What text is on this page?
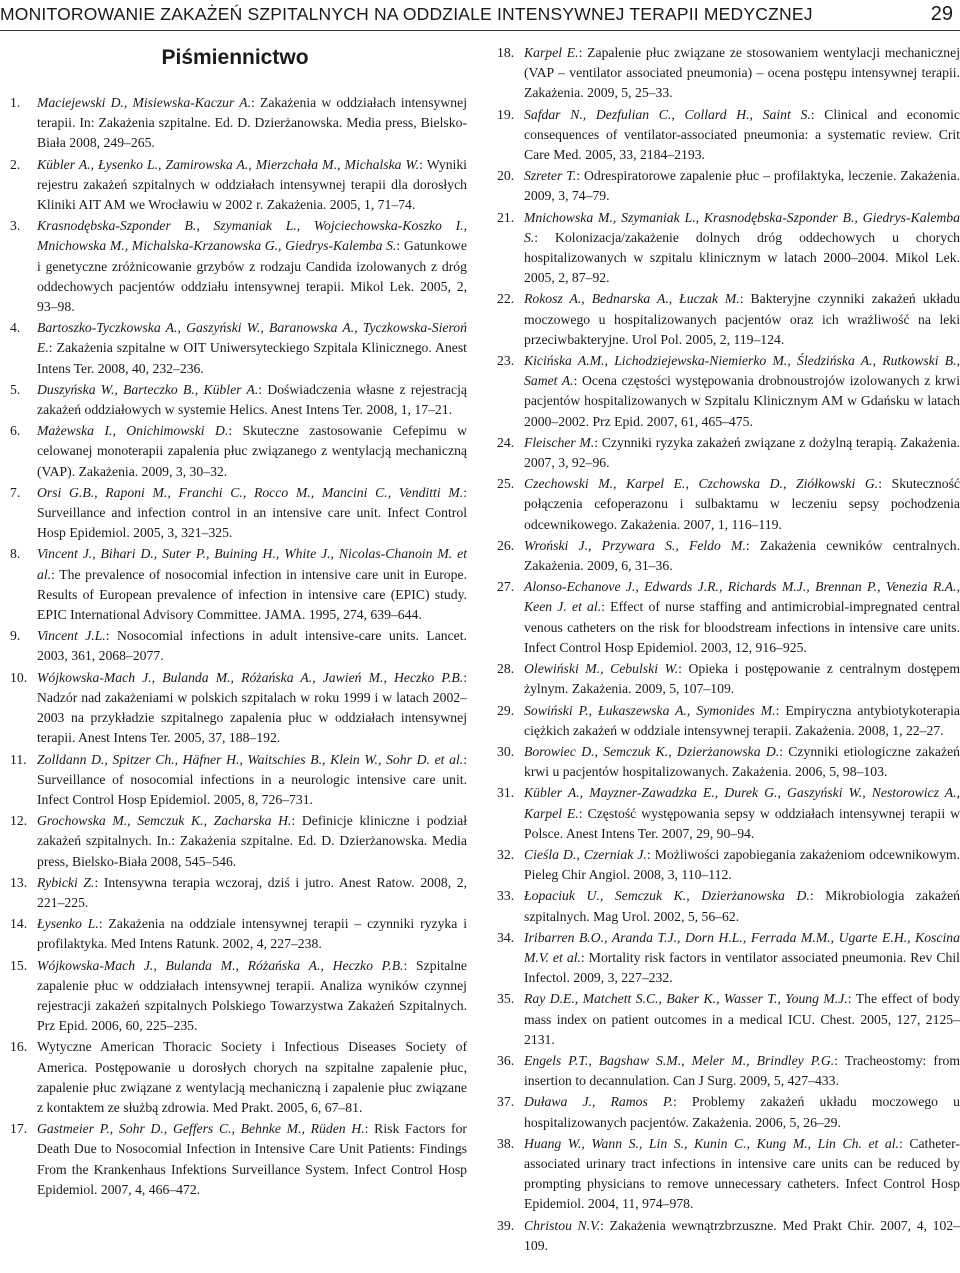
MONITOROWANIE ZAKAŻEŃ SZPITALNYCH NA ODDZIALE INTENSYWNEJ TERAPII MEDYCZNEJ	29
Piśmiennictwo
1. Maciejewski D., Misiewska-Kaczur A.: Zakażenia w oddziałach intensywnej terapii. In: Zakażenia szpitalne. Ed. D. Dzierżanowska. Media press, Bielsko-Biała 2008, 249–265.
2. Kübler A., Łysenko L., Zamirowska A., Mierzchała M., Michalska W.: Wyniki rejestru zakażeń szpitalnych w oddziałach intensywnej terapii dla dorosłych Kliniki AIT AM we Wrocławiu w 2002 r. Zakażenia. 2005, 1, 71–74.
3. Krasnodębska-Szponder B., Szymaniak L., Wojciechowska-Koszko I., Mnichowska M., Michalska-Krzanowska G., Giedrys-Kalemba S.: Gatunkowe i genetyczne zróżnicowanie grzybów z rodzaju Candida izolowanych z dróg oddechowych pacjentów oddziału intensywnej terapii. Mikol Lek. 2005, 2, 93–98.
4. Bartoszko-Tyczkowska A., Gaszyński W., Baranowska A., Tyczkowska-Sieroń E.: Zakażenia szpitalne w OIT Uniwersyteckiego Szpitala Klinicznego. Anest Intens Ter. 2008, 40, 232–236.
5. Duszyńska W., Barteczko B., Kübler A.: Doświadczenia własne z rejestracją zakażeń oddziałowych w systemie Helics. Anest Intens Ter. 2008, 1, 17–21.
6. Mażewska I., Onichimowski D.: Skuteczne zastosowanie Cefepimu w celowanej monoterapii zapalenia płuc związanego z wentylacją mechaniczną (VAP). Zakażenia. 2009, 3, 30–32.
7. Orsi G.B., Raponi M., Franchi C., Rocco M., Mancini C., Venditti M.: Surveillance and infection control in an intensive care unit. Infect Control Hosp Epidemiol. 2005, 3, 321–325.
8. Vincent J., Bihari D., Suter P., Buining H., White J., Nicolas-Chanoin M. et al.: The prevalence of nosocomial infection in intensive care unit in Europe. Results of European prevalence of infection in intensive care (EPIC) study. EPIC International Advisory Committee. JAMA. 1995, 274, 639–644.
9. Vincent J.L.: Nosocomial infections in adult intensive-care units. Lancet. 2003, 361, 2068–2077.
10. Wójkowska-Mach J., Bulanda M., Różańska A., Jawień M., Heczko P.B.: Nadzór nad zakażeniami w polskich szpitalach w roku 1999 i w latach 2002–2003 na przykładzie szpitalnego zapalenia płuc w oddziałach intensywnej terapii. Anest Intens Ter. 2005, 37, 188–192.
11. Zolldann D., Spitzer Ch., Häfner H., Waitschies B., Klein W., Sohr D. et al.: Surveillance of nosocomial infections in a neurologic intensive care unit. Infect Control Hosp Epidemiol. 2005, 8, 726–731.
12. Grochowska M., Semczuk K., Zacharska H.: Definicje kliniczne i podział zakażeń szpitalnych. In.: Zakażenia szpitalne. Ed. D. Dzierżanowska. Media press, Bielsko-Biała 2008, 545–546.
13. Rybicki Z.: Intensywna terapia wczoraj, dziś i jutro. Anest Ratow. 2008, 2, 221–225.
14. Łysenko L.: Zakażenia na oddziale intensywnej terapii – czynniki ryzyka i profilaktyka. Med Intens Ratunk. 2002, 4, 227–238.
15. Wójkowska-Mach J., Bulanda M., Różańska A., Heczko P.B.: Szpitalne zapalenie płuc w oddziałach intensywnej terapii. Analiza wyników czynnej rejestracji zakażeń szpitalnych Polskiego Towarzystwa Zakażeń Szpitalnych. Prz Epid. 2006, 60, 225–235.
16. Wytyczne American Thoracic Society i Infectious Diseases Society of America. Postępowanie u dorosłych chorych na szpitalne zapalenie płuc, zapalenie płuc związane z wentylacją mechaniczną i zapalenie płuc związane z kontaktem ze służbą zdrowia. Med Prakt. 2005, 6, 67–81.
17. Gastmeier P., Sohr D., Geffers C., Behnke M., Rüden H.: Risk Factors for Death Due to Nosocomial Infection in Intensive Care Unit Patients: Findings From the Krankenhaus Infektions Surveillance System. Infect Control Hosp Epidemiol. 2007, 4, 466–472.
18. Karpel E.: Zapalenie płuc związane ze stosowaniem wentylacji mechanicznej (VAP – ventilator associated pneumonia) – ocena postępu intensywnej terapii. Zakażenia. 2009, 5, 25–33.
19. Safdar N., Dezfulian C., Collard H., Saint S.: Clinical and economic consequences of ventilator-associated pneumonia: a systematic review. Crit Care Med. 2005, 33, 2184–2193.
20. Szreter T.: Odrespiratorowe zapalenie płuc – profilaktyka, leczenie. Zakażenia. 2009, 3, 74–79.
21. Mnichowska M., Szymaniak L., Krasnodębska-Szponder B., Giedrys-Kalemba S.: Kolonizacja/zakażenie dolnych dróg oddechowych u chorych hospitalizowanych w szpitalu klinicznym w latach 2000–2004. Mikol Lek. 2005, 2, 87–92.
22. Rokosz A., Bednarska A., Łuczak M.: Bakteryjne czynniki zakażeń układu moczowego u hospitalizowanych pacjentów oraz ich wrażliwość na leki przeciwbakteryjne. Urol Pol. 2005, 2, 119–124.
23. Kicińska A.M., Lichodziejewska-Niemierko M., Śledzińska A., Rutkowski B., Samet A.: Ocena częstości występowania drobnoustrojów izolowanych z krwi pacjentów hospitalizowanych w Szpitalu Klinicznym AM w Gdańsku w latach 2000–2002. Prz Epid. 2007, 61, 465–475.
24. Fleischer M.: Czynniki ryzyka zakażeń związane z dożylną terapią. Zakażenia. 2007, 3, 92–96.
25. Czechowski M., Karpel E., Czchowska D., Ziółkowski G.: Skuteczność połączenia cefoperazonu i sulbaktamu w leczeniu sepsy pochodzenia odcewnikowego. Zakażenia. 2007, 1, 116–119.
26. Wroński J., Przywara S., Feldo M.: Zakażenia cewników centralnych. Zakażenia. 2009, 6, 31–36.
27. Alonso-Echanove J., Edwards J.R., Richards M.J., Brennan P., Venezia R.A., Keen J. et al.: Effect of nurse staffing and antimicrobial-impregnated central venous catheters on the risk for bloodstream infections in intensive care units. Infect Control Hosp Epidemiol. 2003, 12, 916–925.
28. Olewiński M., Cebulski W.: Opieka i postępowanie z centralnym dostępem żylnym. Zakażenia. 2009, 5, 107–109.
29. Sowiński P., Łukaszewska A., Symonides M.: Empiryczna antybiotykoterapia ciężkich zakażeń w oddziale intensywnej terapii. Zakażenia. 2008, 1, 22–27.
30. Borowiec D., Semczuk K., Dzierżanowska D.: Czynniki etiologiczne zakażeń krwi u pacjentów hospitalizowanych. Zakażenia. 2006, 5, 98–103.
31. Kübler A., Mayzner-Zawadzka E., Durek G., Gaszyński W., Nestorowicz A., Karpel E.: Częstość występowania sepsy w oddziałach intensywnej terapii w Polsce. Anest Intens Ter. 2007, 29, 90–94.
32. Cieśla D., Czerniak J.: Możliwości zapobiegania zakażeniom odcewnikowym. Pieleg Chir Angiol. 2008, 3, 110–112.
33. Łopaciuk U., Semczuk K., Dzierżanowska D.: Mikrobiologia zakażeń szpitalnych. Mag Urol. 2002, 5, 56–62.
34. Iribarren B.O., Aranda T.J., Dorn H.L., Ferrada M.M., Ugarte E.H., Koscina M.V. et al.: Mortality risk factors in ventilator associated pneumonia. Rev Chil Infectol. 2009, 3, 227–232.
35. Ray D.E., Matchett S.C., Baker K., Wasser T., Young M.J.: The effect of body mass index on patient outcomes in a medical ICU. Chest. 2005, 127, 2125–2131.
36. Engels P.T., Bagshaw S.M., Meler M., Brindley P.G.: Tracheostomy: from insertion to decannulation. Can J Surg. 2009, 5, 427–433.
37. Duława J., Ramos P.: Problemy zakażeń układu moczowego u hospitalizowanych pacjentów. Zakażenia. 2006, 5, 26–29.
38. Huang W., Wann S., Lin S., Kunin C., Kung M., Lin Ch. et al.: Catheter-associated urinary tract infections in intensive care units can be reduced by prompting physicians to remove unnecessary catheters. Infect Control Hosp Epidemiol. 2004, 11, 974–978.
39. Christou N.V.: Zakażenia wewnątrzbrzuszne. Med Prakt Chir. 2007, 4, 102–109.
